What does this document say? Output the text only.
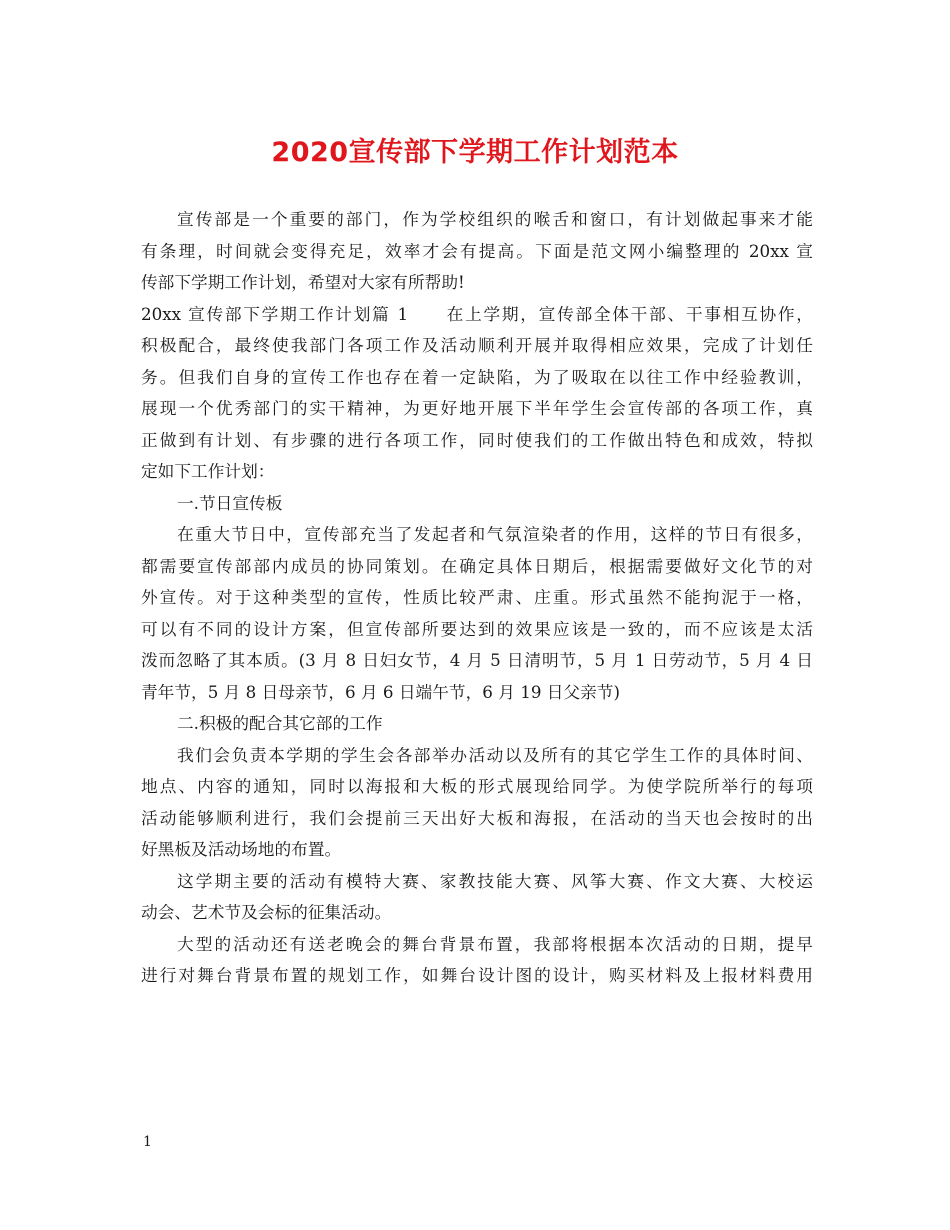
2020宣传部下学期工作计划范本
宣传部是一个重要的部门，作为学校组织的喉舌和窗口，有计划做起事来才能
有条理，时间就会变得充足，效率才会有提高。下面是范文网小编整理的 20xx 宣
传部下学期工作计划，希望对大家有所帮助!
20xx 宣传部下学期工作计划篇 1　　在上学期，宣传部全体干部、干事相互协作，
积极配合，最终使我部门各项工作及活动顺利开展并取得相应效果，完成了计划任
务。但我们自身的宣传工作也存在着一定缺陷，为了吸取在以往工作中经验教训，
展现一个优秀部门的实干精神，为更好地开展下半年学生会宣传部的各项工作，真
正做到有计划、有步骤的进行各项工作，同时使我们的工作做出特色和成效，特拟
定如下工作计划：
一.节日宣传板
在重大节日中，宣传部充当了发起者和气氛渲染者的作用，这样的节日有很多，
都需要宣传部部内成员的协同策划。在确定具体日期后，根据需要做好文化节的对
外宣传。对于这种类型的宣传，性质比较严肃、庄重。形式虽然不能拘泥于一格，
可以有不同的设计方案，但宣传部所要达到的效果应该是一致的，而不应该是太活
泼而忽略了其本质。(3 月 8 日妇女节，4 月 5 日清明节，5 月 1 日劳动节，5 月 4 日
青年节，5 月 8 日母亲节，6 月 6 日端午节，6 月 19 日父亲节)
二.积极的配合其它部的工作
我们会负责本学期的学生会各部举办活动以及所有的其它学生工作的具体时间、
地点、内容的通知，同时以海报和大板的形式展现给同学。为使学院所举行的每项
活动能够顺利进行，我们会提前三天出好大板和海报，在活动的当天也会按时的出
好黑板及活动场地的布置。
这学期主要的活动有模特大赛、家教技能大赛、风筝大赛、作文大赛、大校运
动会、艺术节及会标的征集活动。
大型的活动还有送老晚会的舞台背景布置，我部将根据本次活动的日期，提早
进行对舞台背景布置的规划工作，如舞台设计图的设计，购买材料及上报材料费用
1
